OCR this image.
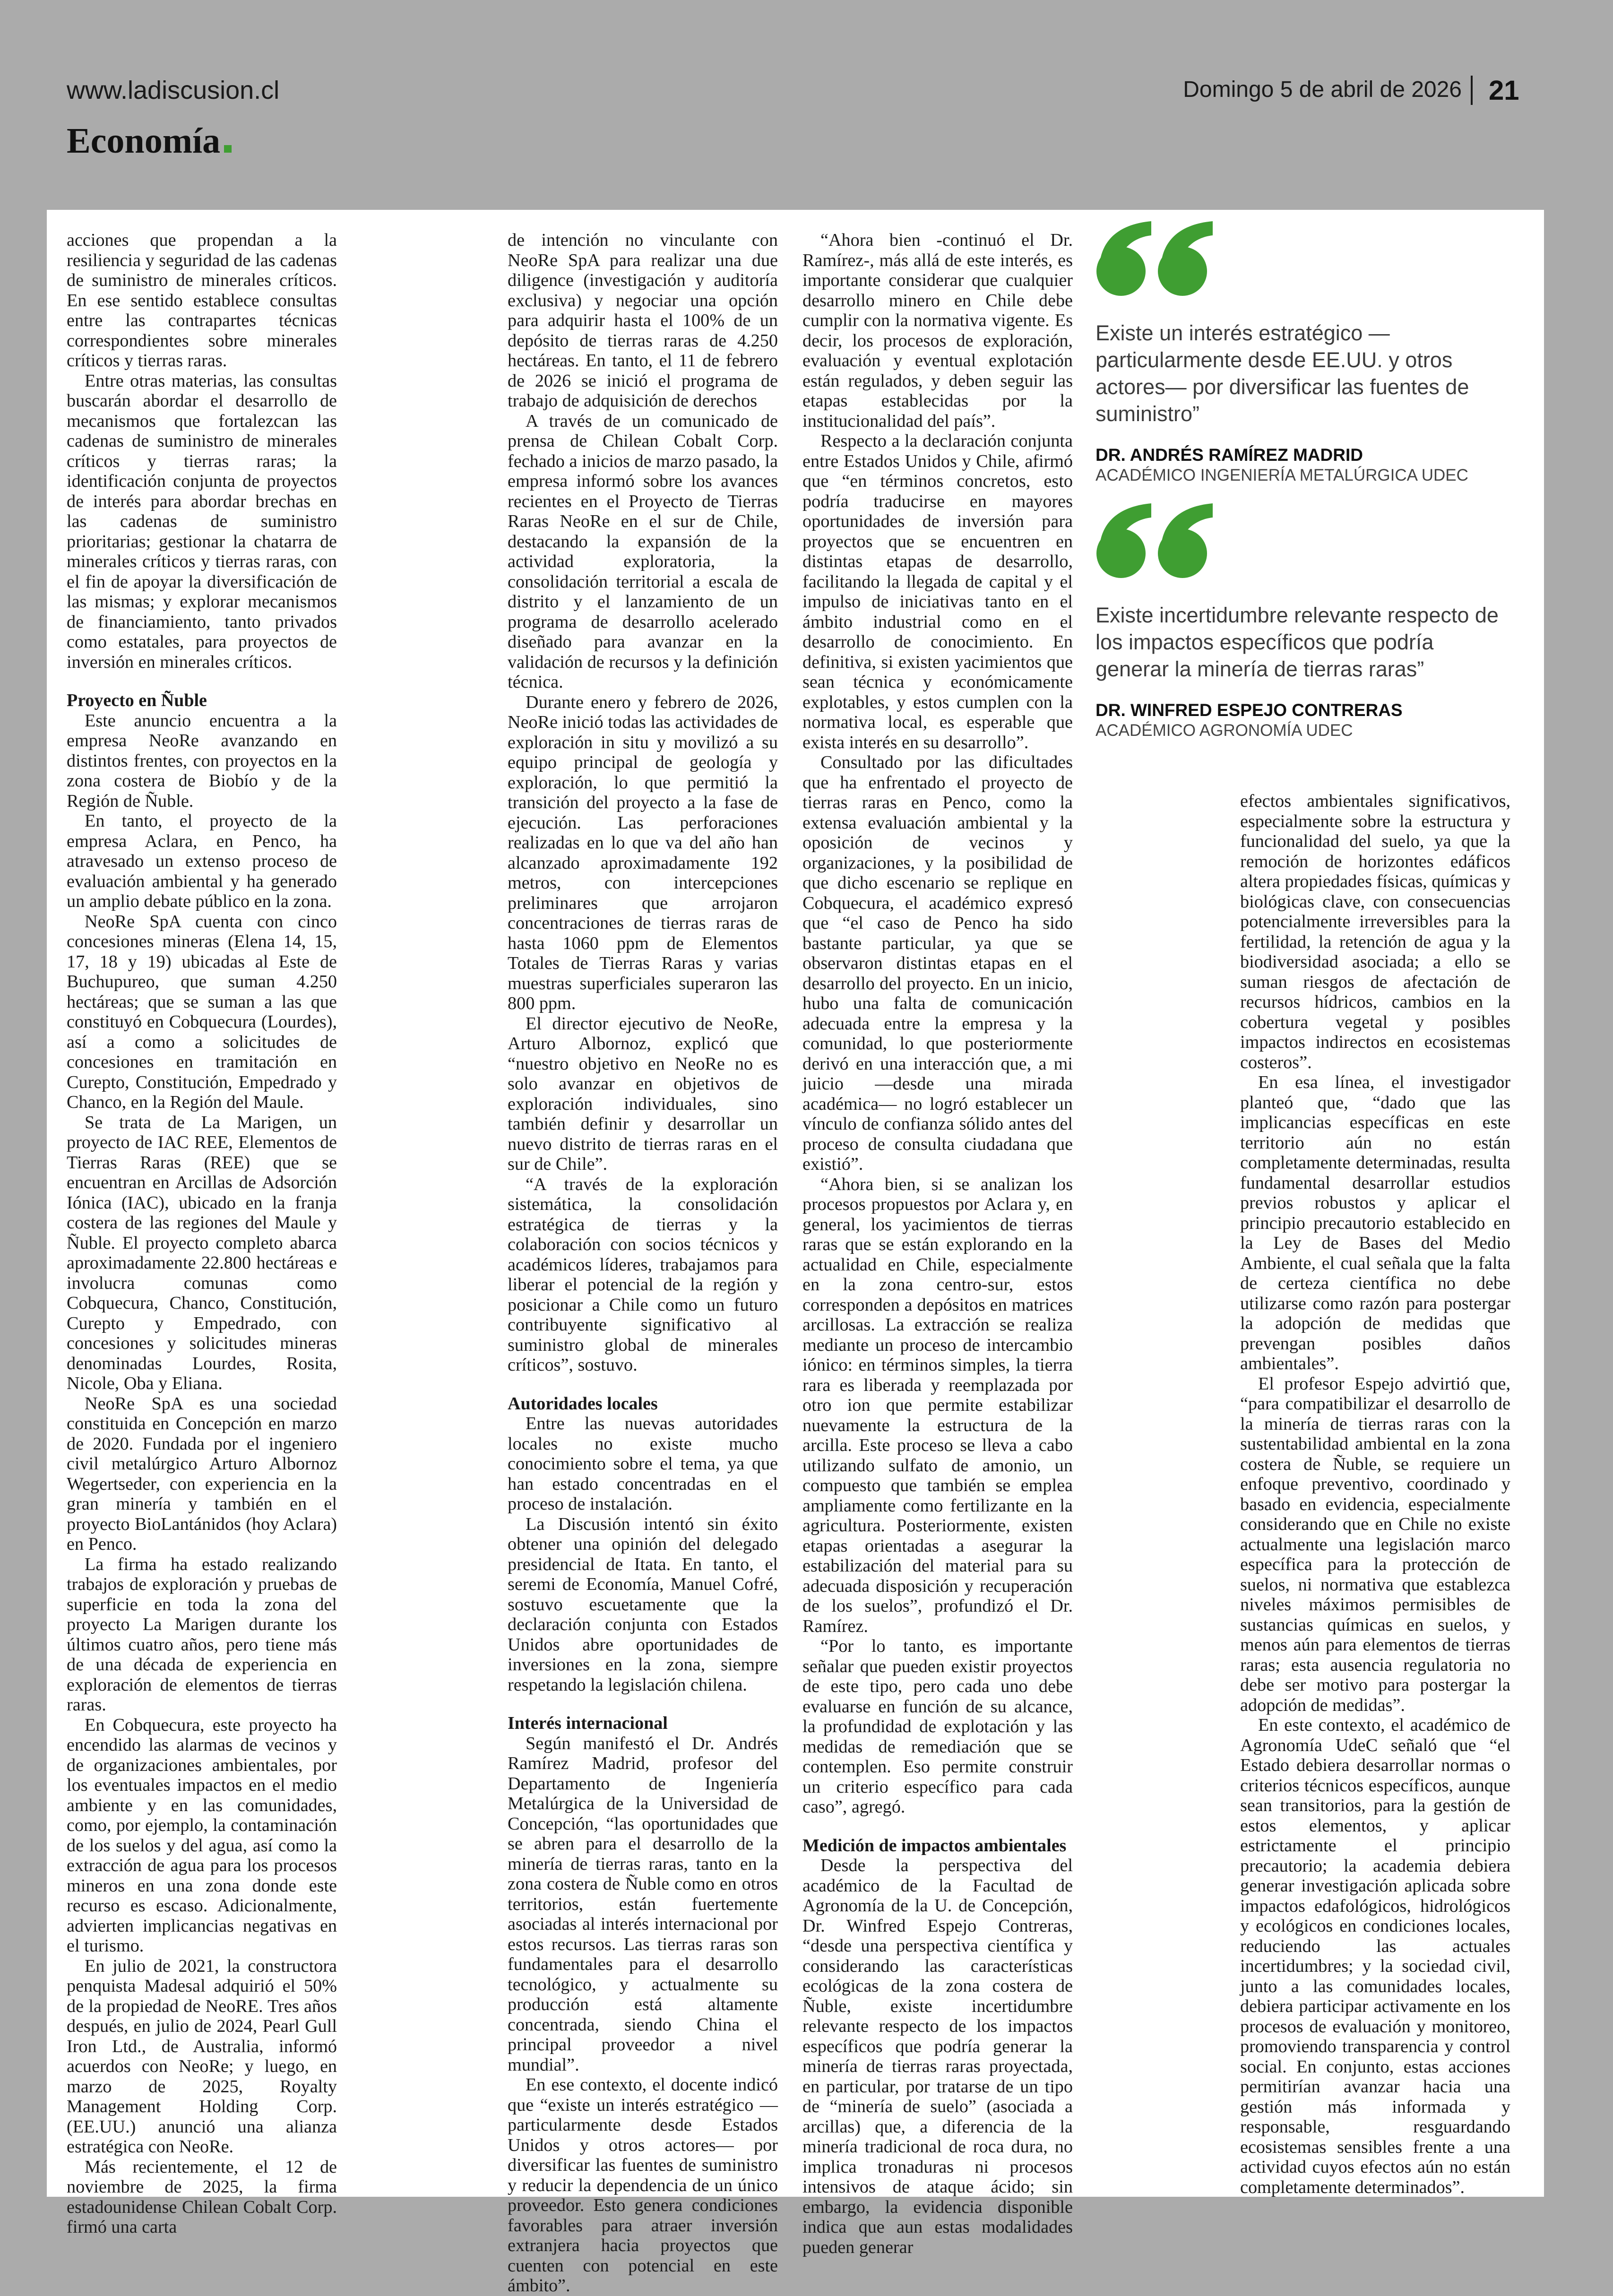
www.ladiscusion.cl
Economía
Domingo 5 de abril de 2026 21

acciones que propendan a la resiliencia y seguridad de las cadenas de suministro de minerales críticos. En ese sentido establece consultas entre las contrapartes técnicas correspondientes sobre minerales críticos y tierras raras.

Entre otras materias, las consultas buscarán abordar el desarrollo de mecanismos que fortalezcan las cadenas de suministro de minerales críticos y tierras raras; la identificación conjunta de proyectos de interés para abordar brechas en las cadenas de suministro prioritarias; gestionar la chatarra de minerales críticos y tierras raras, con el fin de apoyar la diversificación de las mismas; y explorar mecanismos de financiamiento, tanto privados como estatales, para proyectos de inversión en minerales críticos.

Proyecto en Ñuble

Este anuncio encuentra a la empresa NeoRe avanzando en distintos frentes, con proyectos en la zona costera de Biobío y de la Región de Ñuble.

En tanto, el proyecto de la empresa Aclara, en Penco, ha atravesado un extenso proceso de evaluación ambiental y ha generado un amplio debate público en la zona.

NeoRe SpA cuenta con cinco concesiones mineras (Elena 14, 15, 17, 18 y 19) ubicadas al Este de Buchupureo, que suman 4.250 hectáreas; que se suman a las que constituyó en Cobquecura (Lourdes), así a como a solicitudes de concesiones en tramitación en Curepto, Constitución, Empedrado y Chanco, en la Región del Maule.

Se trata de La Marigen, un proyecto de IAC REE, Elementos de Tierras Raras (REE) que se encuentran en Arcillas de Adsorción Iónica (IAC), ubicado en la franja costera de las regiones del Maule y Ñuble. El proyecto completo abarca aproximadamente 22.800 hectáreas e involucra comunas como Cobquecura, Chanco, Constitución, Curepto y Empedrado, con concesiones y solicitudes mineras denominadas Lourdes, Rosita, Nicole, Oba y Eliana.

NeoRe SpA es una sociedad constituida en Concepción en marzo de 2020. Fundada por el ingeniero civil metalúrgico Arturo Albornoz Wegertseder, con experiencia en la gran minería y también en el proyecto BioLantánidos (hoy Aclara) en Penco.

La firma ha estado realizando trabajos de exploración y pruebas de superficie en toda la zona del proyecto La Marigen durante los últimos cuatro años, pero tiene más de una década de experiencia en exploración de elementos de tierras raras.

En Cobquecura, este proyecto ha encendido las alarmas de vecinos y de organizaciones ambientales, por los eventuales impactos en el medio ambiente y en las comunidades, como, por ejemplo, la contaminación de los suelos y del agua, así como la extracción de agua para los procesos mineros en una zona donde este recurso es escaso. Adicionalmente, advierten implicancias negativas en el turismo.

En julio de 2021, la constructora penquista Madesal adquirió el 50% de la propiedad de NeoRE. Tres años después, en julio de 2024, Pearl Gull Iron Ltd., de Australia, informó acuerdos con NeoRe; y luego, en marzo de 2025, Royalty Management Holding Corp. (EE.UU.) anunció una alianza estratégica con NeoRe.

Más recientemente, el 12 de noviembre de 2025, la firma estadounidense Chilean Cobalt Corp. firmó una carta

de intención no vinculante con NeoRe SpA para realizar una due diligence (investigación y auditoría exclusiva) y negociar una opción para adquirir hasta el 100% de un depósito de tierras raras de 4.250 hectáreas. En tanto, el 11 de febrero de 2026 se inició el programa de trabajo de adquisición de derechos

A través de un comunicado de prensa de Chilean Cobalt Corp. fechado a inicios de marzo pasado, la empresa informó sobre los avances recientes en el Proyecto de Tierras Raras NeoRe en el sur de Chile, destacando la expansión de la actividad exploratoria, la consolidación territorial a escala de distrito y el lanzamiento de un programa de desarrollo acelerado diseñado para avanzar en la validación de recursos y la definición técnica.

Durante enero y febrero de 2026, NeoRe inició todas las actividades de exploración in situ y movilizó a su equipo principal de geología y exploración, lo que permitió la transición del proyecto a la fase de ejecución. Las perforaciones realizadas en lo que va del año han alcanzado aproximadamente 192 metros, con intercepciones preliminares que arrojaron concentraciones de tierras raras de hasta 1060 ppm de Elementos Totales de Tierras Raras y varias muestras superficiales superaron las 800 ppm.

El director ejecutivo de NeoRe, Arturo Albornoz, explicó que “nuestro objetivo en NeoRe no es solo avanzar en objetivos de exploración individuales, sino también definir y desarrollar un nuevo distrito de tierras raras en el sur de Chile”.

“A través de la exploración sistemática, la consolidación estratégica de tierras y la colaboración con socios técnicos y académicos líderes, trabajamos para liberar el potencial de la región y posicionar a Chile como un futuro contribuyente significativo al suministro global de minerales críticos”, sostuvo.

Autoridades locales

Entre las nuevas autoridades locales no existe mucho conocimiento sobre el tema, ya que han estado concentradas en el proceso de instalación.

La Discusión intentó sin éxito obtener una opinión del delegado presidencial de Itata. En tanto, el seremi de Economía, Manuel Cofré, sostuvo escuetamente que la declaración conjunta con Estados Unidos abre oportunidades de inversiones en la zona, siempre respetando la legislación chilena.

Interés internacional

Según manifestó el Dr. Andrés Ramírez Madrid, profesor del Departamento de Ingeniería Metalúrgica de la Universidad de Concepción, “las oportunidades que se abren para el desarrollo de la minería de tierras raras, tanto en la zona costera de Ñuble como en otros territorios, están fuertemente asociadas al interés internacional por estos recursos. Las tierras raras son fundamentales para el desarrollo tecnológico, y actualmente su producción está altamente concentrada, siendo China el principal proveedor a nivel mundial”.

En ese contexto, el docente indicó que “existe un interés estratégico —particularmente desde Estados Unidos y otros actores— por diversificar las fuentes de suministro y reducir la dependencia de un único proveedor. Esto genera condiciones favorables para atraer inversión extranjera hacia proyectos que cuenten con potencial en este ámbito”.

“Ahora bien -continuó el Dr. Ramírez-, más allá de este interés, es importante considerar que cualquier desarrollo minero en Chile debe cumplir con la normativa vigente. Es decir, los procesos de exploración, evaluación y eventual explotación están regulados, y deben seguir las etapas establecidas por la institucionalidad del país”.

Respecto a la declaración conjunta entre Estados Unidos y Chile, afirmó que “en términos concretos, esto podría traducirse en mayores oportunidades de inversión para proyectos que se encuentren en distintas etapas de desarrollo, facilitando la llegada de capital y el impulso de iniciativas tanto en el ámbito industrial como en el desarrollo de conocimiento. En definitiva, si existen yacimientos que sean técnica y económicamente explotables, y estos cumplen con la normativa local, es esperable que exista interés en su desarrollo”.

Consultado por las dificultades que ha enfrentado el proyecto de tierras raras en Penco, como la extensa evaluación ambiental y la oposición de vecinos y organizaciones, y la posibilidad de que dicho escenario se replique en Cobquecura, el académico expresó que “el caso de Penco ha sido bastante particular, ya que se observaron distintas etapas en el desarrollo del proyecto. En un inicio, hubo una falta de comunicación adecuada entre la empresa y la comunidad, lo que posteriormente derivó en una interacción que, a mi juicio —desde una mirada académica— no logró establecer un vínculo de confianza sólido antes del proceso de consulta ciudadana que existió”.

“Ahora bien, si se analizan los procesos propuestos por Aclara y, en general, los yacimientos de tierras raras que se están explorando en la actualidad en Chile, especialmente en la zona centro-sur, estos corresponden a depósitos en matrices arcillosas. La extracción se realiza mediante un proceso de intercambio iónico: en términos simples, la tierra rara es liberada y reemplazada por otro ion que permite estabilizar nuevamente la estructura de la arcilla. Este proceso se lleva a cabo utilizando sulfato de amonio, un compuesto que también se emplea ampliamente como fertilizante en la agricultura. Posteriormente, existen etapas orientadas a asegurar la estabilización del material para su adecuada disposición y recuperación de los suelos”, profundizó el Dr. Ramírez.

“Por lo tanto, es importante señalar que pueden existir proyectos de este tipo, pero cada uno debe evaluarse en función de su alcance, la profundidad de explotación y las medidas de remediación que se contemplen. Eso permite construir un criterio específico para cada caso”, agregó.

Medición de impactos ambientales

Desde la perspectiva del académico de la Facultad de Agronomía de la U. de Concepción, Dr. Winfred Espejo Contreras, “desde una perspectiva científica y considerando las características ecológicas de la zona costera de Ñuble, existe incertidumbre relevante respecto de los impactos específicos que podría generar la minería de tierras raras proyectada, en particular, por tratarse de un tipo de “minería de suelo” (asociada a arcillas) que, a diferencia de la minería tradicional de roca dura, no implica tronaduras ni procesos intensivos de ataque ácido; sin embargo, la evidencia disponible indica que aun estas modalidades pueden generar

Existe un interés estratégico —particularmente desde EE.UU. y otros actores— por diversificar las fuentes de suministro”
DR. ANDRÉS RAMÍREZ MADRID
ACADÉMICO INGENIERÍA METALÚRGICA UDEC
Existe incertidumbre relevante respecto de los impactos específicos que podría generar la minería de tierras raras”
DR. WINFRED ESPEJO CONTRERAS
ACADÉMICO AGRONOMÍA UDEC

efectos ambientales significativos, especialmente sobre la estructura y funcionalidad del suelo, ya que la remoción de horizontes edáficos altera propiedades físicas, químicas y biológicas clave, con consecuencias potencialmente irreversibles para la fertilidad, la retención de agua y la biodiversidad asociada; a ello se suman riesgos de afectación de recursos hídricos, cambios en la cobertura vegetal y posibles impactos indirectos en ecosistemas costeros”.

En esa línea, el investigador planteó que, “dado que las implicancias específicas en este territorio aún no están completamente determinadas, resulta fundamental desarrollar estudios previos robustos y aplicar el principio precautorio establecido en la Ley de Bases del Medio Ambiente, el cual señala que la falta de certeza científica no debe utilizarse como razón para postergar la adopción de medidas que prevengan posibles daños ambientales”.

El profesor Espejo advirtió que, “para compatibilizar el desarrollo de la minería de tierras raras con la sustentabilidad ambiental en la zona costera de Ñuble, se requiere un enfoque preventivo, coordinado y basado en evidencia, especialmente considerando que en Chile no existe actualmente una legislación marco específica para la protección de suelos, ni normativa que establezca niveles máximos permisibles de sustancias químicas en suelos, y menos aún para elementos de tierras raras; esta ausencia regulatoria no debe ser motivo para postergar la adopción de medidas”.

En este contexto, el académico de Agronomía UdeC señaló que “el Estado debiera desarrollar normas o criterios técnicos específicos, aunque sean transitorios, para la gestión de estos elementos, y aplicar estrictamente el principio precautorio; la academia debiera generar investigación aplicada sobre impactos edafológicos, hidrológicos y ecológicos en condiciones locales, reduciendo las actuales incertidumbres; y la sociedad civil, junto a las comunidades locales, debiera participar activamente en los procesos de evaluación y monitoreo, promoviendo transparencia y control social. En conjunto, estas acciones permitirían avanzar hacia una gestión más informada y responsable, resguardando ecosistemas sensibles frente a una actividad cuyos efectos aún no están completamente determinados”.
